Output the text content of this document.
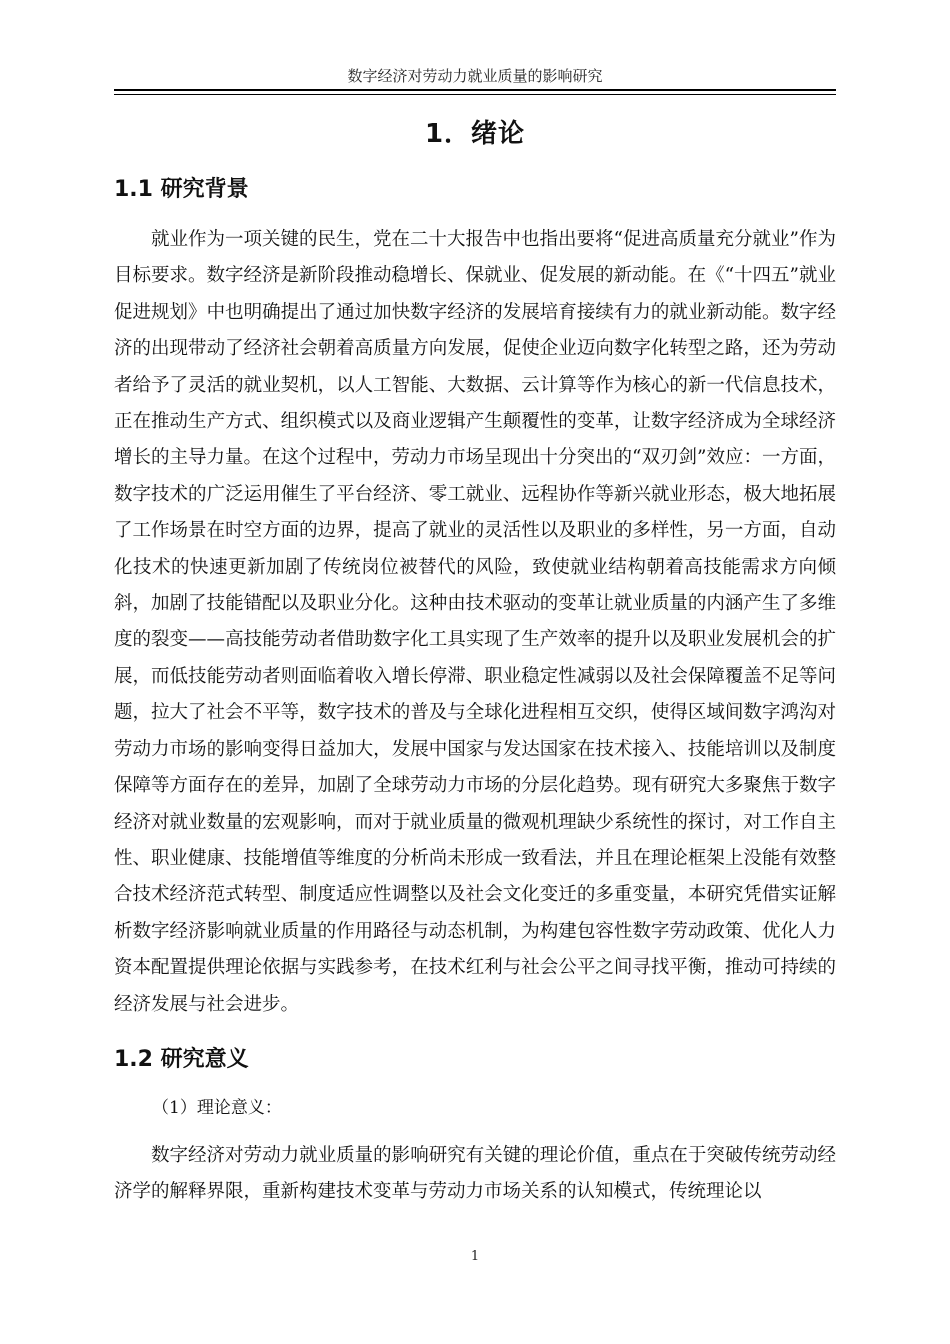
数字经济对劳动力就业质量的影响研究
1．绪论
1.1 研究背景

就业作为一项关键的民生，党在二十大报告中也指出要将“促进高质量充分就业”作为目标要求。数字经济是新阶段推动稳增长、保就业、促发展的新动能。在《“十四五”就业促进规划》中也明确提出了通过加快数字经济的发展培育接续有力的就业新动能。数字经济的出现带动了经济社会朝着高质量方向发展，促使企业迈向数字化转型之路，还为劳动者给予了灵活的就业契机，以人工智能、大数据、云计算等作为核心的新一代信息技术，正在推动生产方式、组织模式以及商业逻辑产生颠覆性的变革，让数字经济成为全球经济增长的主导力量。在这个过程中，劳动力市场呈现出十分突出的“双刃剑”效应：一方面，数字技术的广泛运用催生了平台经济、零工就业、远程协作等新兴就业形态，极大地拓展了工作场景在时空方面的边界，提高了就业的灵活性以及职业的多样性，另一方面，自动化技术的快速更新加剧了传统岗位被替代的风险，致使就业结构朝着高技能需求方向倾斜，加剧了技能错配以及职业分化。这种由技术驱动的变革让就业质量的内涵产生了多维度的裂变——高技能劳动者借助数字化工具实现了生产效率的提升以及职业发展机会的扩展，而低技能劳动者则面临着收入增长停滞、职业稳定性减弱以及社会保障覆盖不足等问题，拉大了社会不平等，数字技术的普及与全球化进程相互交织，使得区域间数字鸿沟对劳动力市场的影响变得日益加大，发展中国家与发达国家在技术接入、技能培训以及制度保障等方面存在的差异，加剧了全球劳动力市场的分层化趋势。现有研究大多聚焦于数字经济对就业数量的宏观影响，而对于就业质量的微观机理缺少系统性的探讨，对工作自主性、职业健康、技能增值等维度的分析尚未形成一致看法，并且在理论框架上没能有效整合技术经济范式转型、制度适应性调整以及社会文化变迁的多重变量，本研究凭借实证解析数字经济影响就业质量的作用路径与动态机制，为构建包容性数字劳动政策、优化人力资本配置提供理论依据与实践参考，在技术红利与社会公平之间寻找平衡，推动可持续的经济发展与社会进步。

1.2 研究意义

（1）理论意义：

数字经济对劳动力就业质量的影响研究有关键的理论价值，重点在于突破传统劳动经济学的解释界限，重新构建技术变革与劳动力市场关系的认知模式，传统理论以

1
